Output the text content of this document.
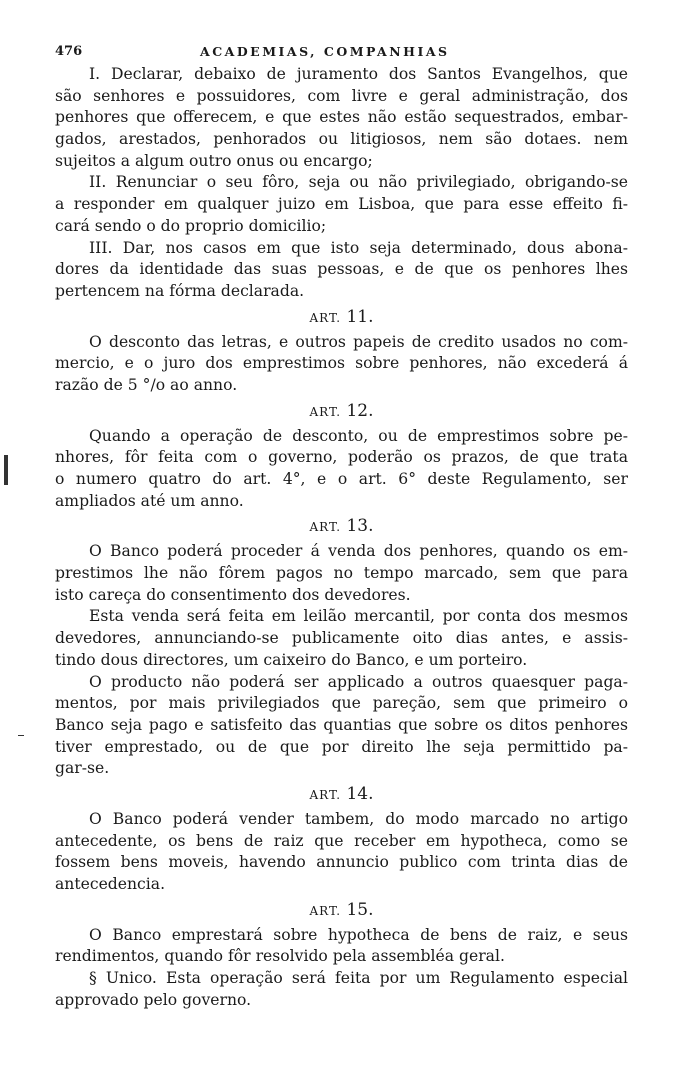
476	ACADEMIAS, COMPANHIAS
I. Declarar, debaixo de juramento dos Santos Evangelhos, que
são senhores e possuidores, com livre e geral administração, dos
penhores que offerecem, e que estes não estão sequestrados, embar-
gados, arestados, penhorados ou litigiosos, nem são dotaes. nem
sujeitos a algum outro onus ou encargo;
II. Renunciar o seu fôro, seja ou não privilegiado, obrigando-se
a responder em qualquer juizo em Lisboa, que para esse effeito fi-
cará sendo o do proprio domicilio;
III. Dar, nos casos em que isto seja determinado, dous abona-
dores da identidade das suas pessoas, e de que os penhores lhes
pertencem na fórma declarada.
ART. 11.
O desconto das letras, e outros papeis de credito usados no com-
mercio, e o juro dos emprestimos sobre penhores, não excederá á
razão de 5 °/o ao anno.
ART. 12.
Quando a operação de desconto, ou de emprestimos sobre pe-
nhores, fôr feita com o governo, poderão os prazos, de que trata
o numero quatro do art. 4°, e o art. 6° deste Regulamento, ser
ampliados até um anno.
ART. 13.
O Banco poderá proceder á venda dos penhores, quando os em-
prestimos lhe não fôrem pagos no tempo marcado, sem que para
isto careça do consentimento dos devedores.
Esta venda será feita em leilão mercantil, por conta dos mesmos
devedores, annunciando-se publicamente oito dias antes, e assis-
tindo dous directores, um caixeiro do Banco, e um porteiro.
O producto não poderá ser applicado a outros quaesquer paga-
mentos, por mais privilegiados que pareção, sem que primeiro o
Banco seja pago e satisfeito das quantias que sobre os ditos penhores
tiver emprestado, ou de que por direito lhe seja permittido pa-
gar-se.
ART. 14.
O Banco poderá vender tambem, do modo marcado no artigo
antecedente, os bens de raiz que receber em hypotheca, como se
fossem bens moveis, havendo annuncio publico com trinta dias de
antecedencia.
ART. 15.
O Banco emprestará sobre hypotheca de bens de raiz, e seus
rendimentos, quando fôr resolvido pela assembléa geral.
§ Unico. Esta operação será feita por um Regulamento especial
approvado pelo governo.
